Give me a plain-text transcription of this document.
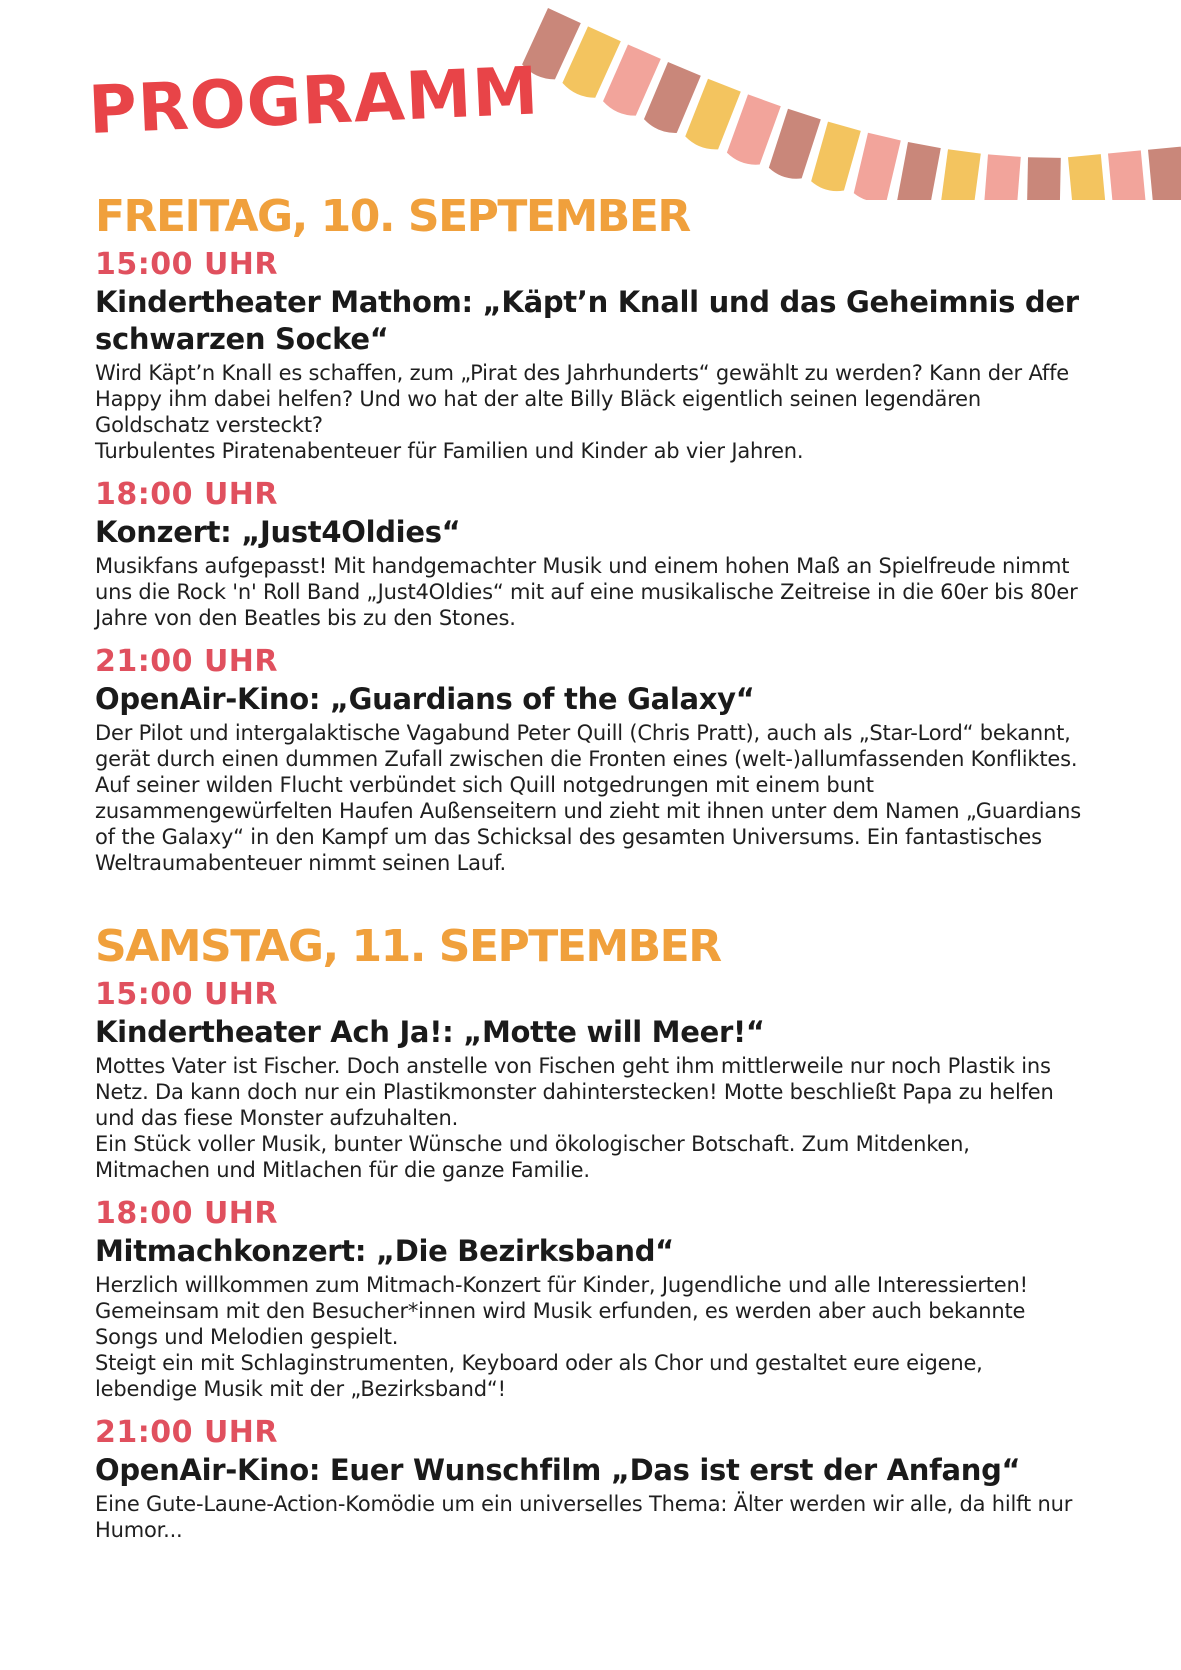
PROGRAMM
FREITAG, 10. SEPTEMBER
15:00 UHR
Kindertheater Mathom: „Käpt’n Knall und das Geheimnis der schwarzen Socke“

Wird Käpt’n Knall es schaffen, zum „Pirat des Jahrhunderts“ gewählt zu werden? Kann der Affe Happy ihm dabei helfen? Und wo hat der alte Billy Bläck eigentlich seinen legendären Goldschatz versteckt?

Turbulentes Piratenabenteuer für Familien und Kinder ab vier Jahren.

18:00 UHR
Konzert: „Just4Oldies“

Musikfans aufgepasst! Mit handgemachter Musik und einem hohen Maß an Spielfreude nimmt uns die Rock 'n' Roll Band „Just4Oldies“ mit auf eine musikalische Zeitreise in die 60er bis 80er Jahre von den Beatles bis zu den Stones.

21:00 UHR
OpenAir-Kino: „Guardians of the Galaxy“

Der Pilot und intergalaktische Vagabund Peter Quill (Chris Pratt), auch als „Star-Lord“ bekannt, gerät durch einen dummen Zufall zwischen die Fronten eines (welt-)allumfassenden Konfliktes. Auf seiner wilden Flucht verbündet sich Quill notgedrungen mit einem bunt zusammengewürfelten Haufen Außenseitern und zieht mit ihnen unter dem Namen „Guardians of the Galaxy“ in den Kampf um das Schicksal des gesamten Universums. Ein fantastisches Weltraumabenteuer nimmt seinen Lauf.

SAMSTAG, 11. SEPTEMBER
15:00 UHR
Kindertheater Ach Ja!: „Motte will Meer!“

Mottes Vater ist Fischer. Doch anstelle von Fischen geht ihm mittlerweile nur noch Plastik ins Netz. Da kann doch nur ein Plastikmonster dahinterstecken! Motte beschließt Papa zu helfen und das fiese Monster aufzuhalten.

Ein Stück voller Musik, bunter Wünsche und ökologischer Botschaft. Zum Mitdenken, Mitmachen und Mitlachen für die ganze Familie.

18:00 UHR
Mitmachkonzert: „Die Bezirksband“

Herzlich willkommen zum Mitmach-Konzert für Kinder, Jugendliche und alle Interessierten! Gemeinsam mit den Besucher*innen wird Musik erfunden, es werden aber auch bekannte Songs und Melodien gespielt.

Steigt ein mit Schlaginstrumenten, Keyboard oder als Chor und gestaltet eure eigene, lebendige Musik mit der „Bezirksband“!

21:00 UHR
OpenAir-Kino: Euer Wunschfilm „Das ist erst der Anfang“

Eine Gute-Laune-Action-Komödie um ein universelles Thema: Älter werden wir alle, da hilft nur Humor...
